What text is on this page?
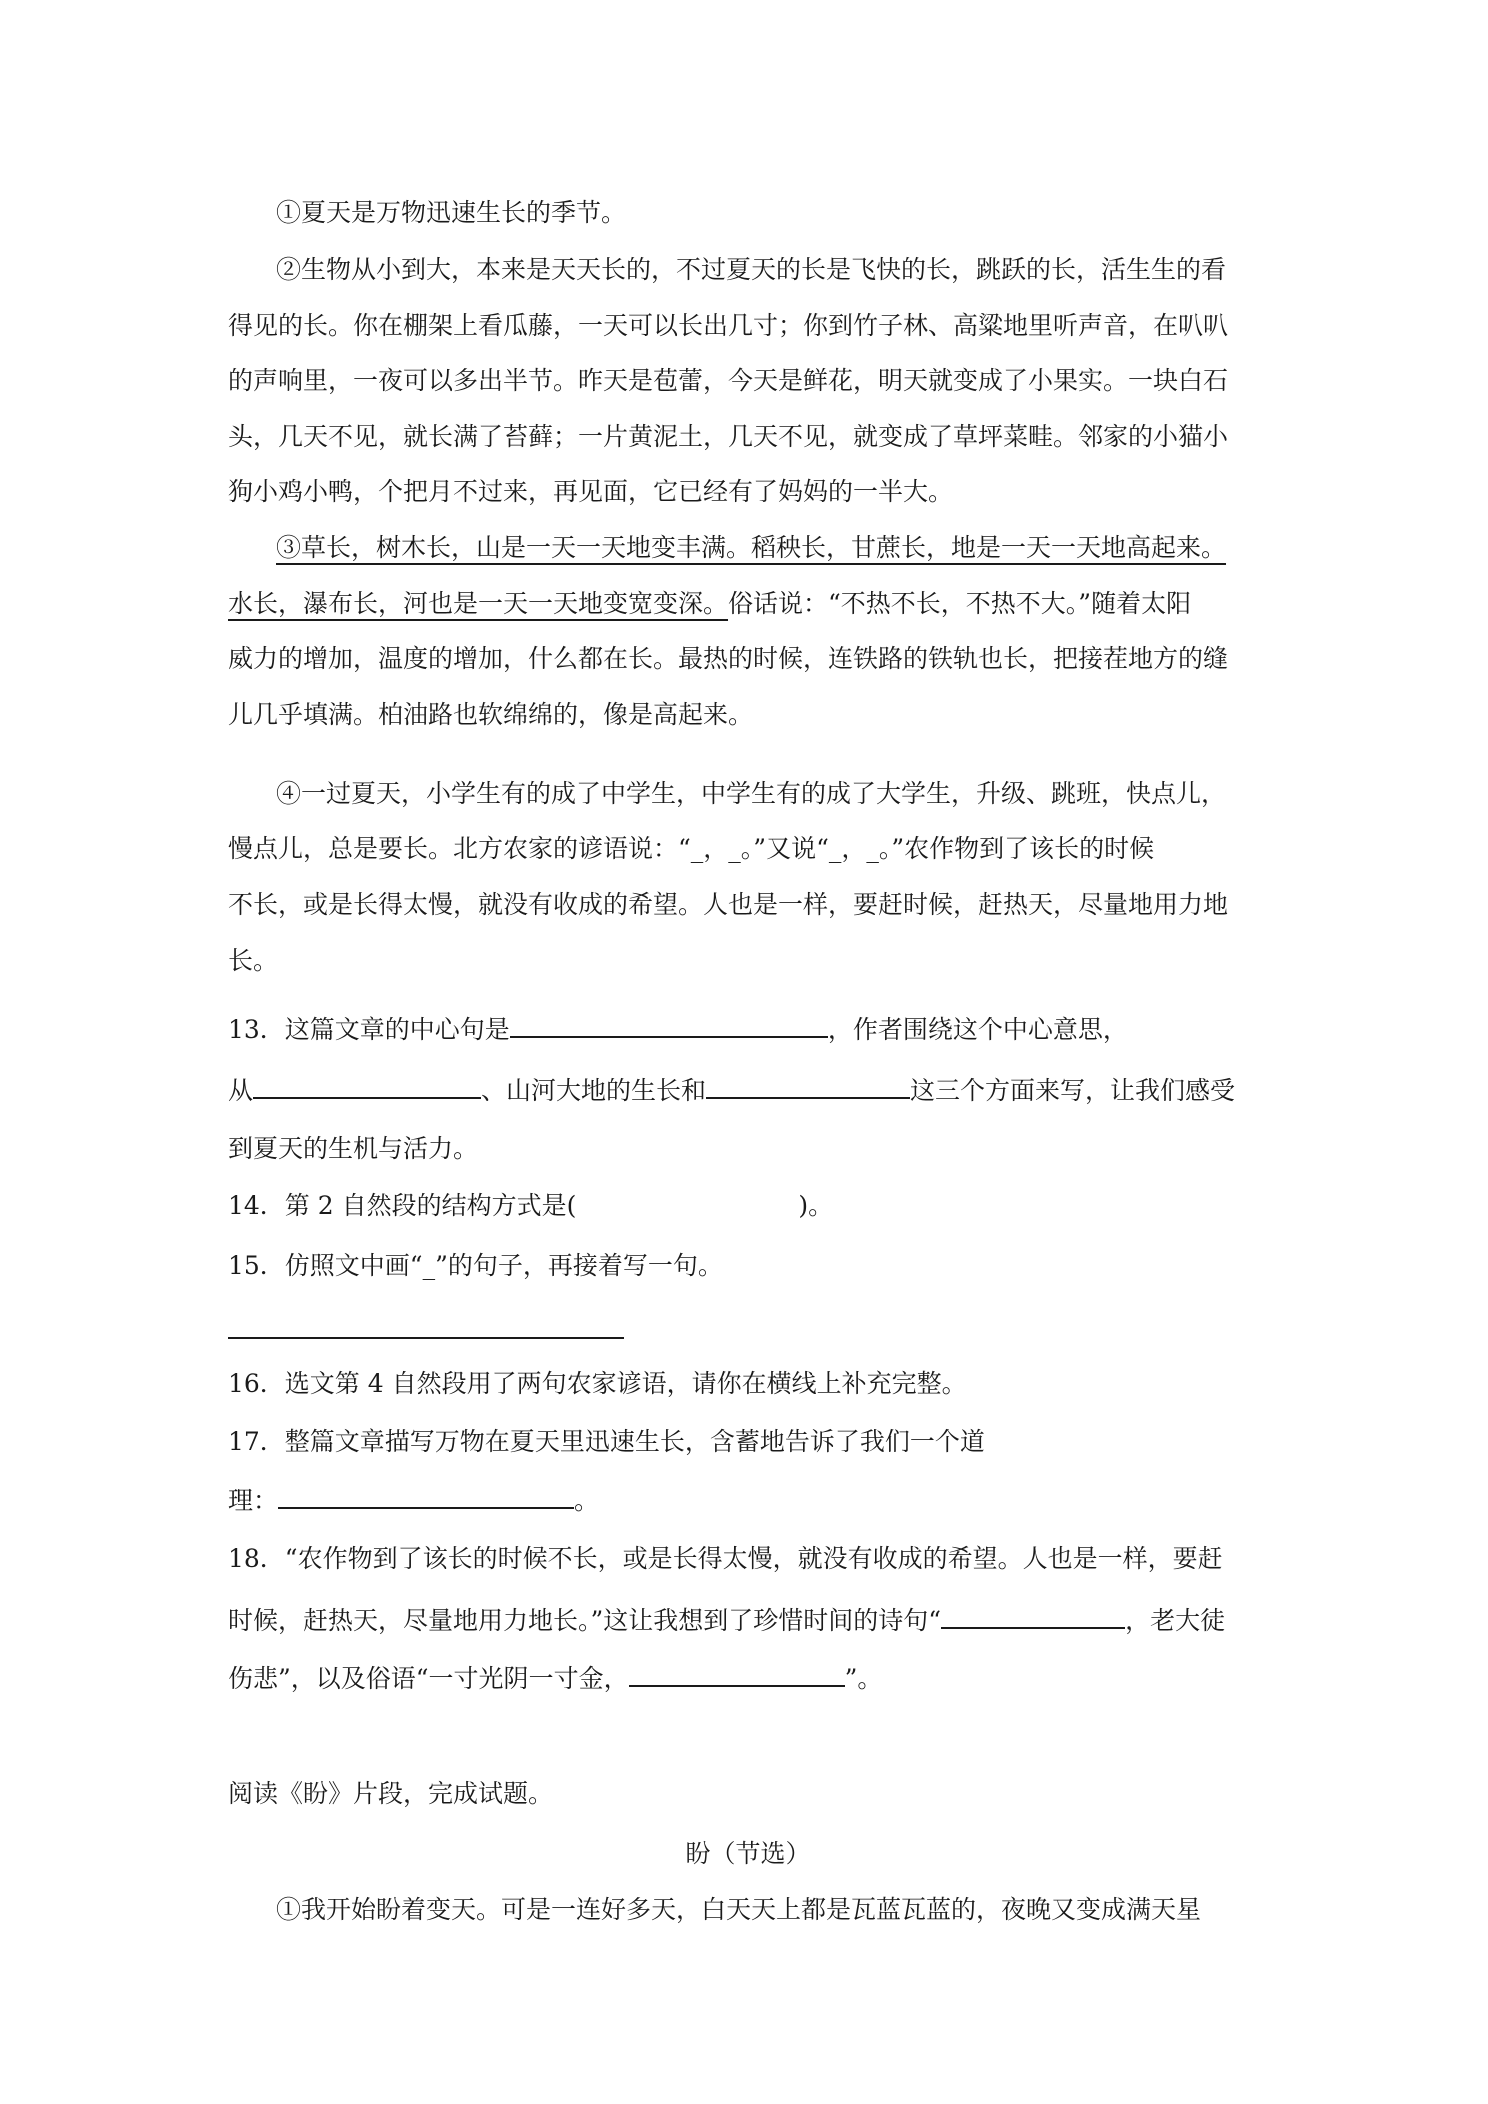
①夏天是万物迅速生长的季节。
②生物从小到大，本来是天天长的，不过夏天的长是飞快的长，跳跃的长，活生生的看
得见的长。你在棚架上看瓜藤，一天可以长出几寸；你到竹子林、高粱地里听声音，在叭叭
的声响里，一夜可以多出半节。昨天是苞蕾，今天是鲜花，明天就变成了小果实。一块白石
头，几天不见，就长满了苔藓；一片黄泥土，几天不见，就变成了草坪菜畦。邻家的小猫小
狗小鸡小鸭，个把月不过来，再见面，它已经有了妈妈的一半大。
③草长，树木长，山是一天一天地变丰满。稻秧长，甘蔗长，地是一天一天地高起来。
水长，瀑布长，河也是一天一天地变宽变深。俗话说：“不热不长，不热不大。”随着太阳
威力的增加，温度的增加，什么都在长。最热的时候，连铁路的铁轨也长，把接茬地方的缝
儿几乎填满。柏油路也软绵绵的，像是高起来。
④一过夏天，小学生有的成了中学生，中学生有的成了大学生，升级、跳班，快点儿，
慢点儿，总是要长。北方农家的谚语说：“_，_。”又说“_，_。”农作物到了该长的时候
不长，或是长得太慢，就没有收成的希望。人也是一样，要赶时候，赶热天，尽量地用力地
长。
13．这篇文章的中心句是	，作者围绕这个中心意思，
从	、山河大地的生长和	这三个方面来写，让我们感受
到夏天的生机与活力。
14．第 2 自然段的结构方式是(	)。
15．仿照文中画“_”的句子，再接着写一句。
16．选文第 4 自然段用了两句农家谚语，请你在横线上补充完整。
17．整篇文章描写万物在夏天里迅速生长，含蓄地告诉了我们一个道
理：	。
18．“农作物到了该长的时候不长，或是长得太慢，就没有收成的希望。人也是一样，要赶
时候，赶热天，尽量地用力地长。”这让我想到了珍惜时间的诗句“	，老大徒
伤悲”，以及俗语“一寸光阴一寸金，	”。
阅读《盼》片段，完成试题。
盼（节选）
①我开始盼着变天。可是一连好多天，白天天上都是瓦蓝瓦蓝的，夜晚又变成满天星
